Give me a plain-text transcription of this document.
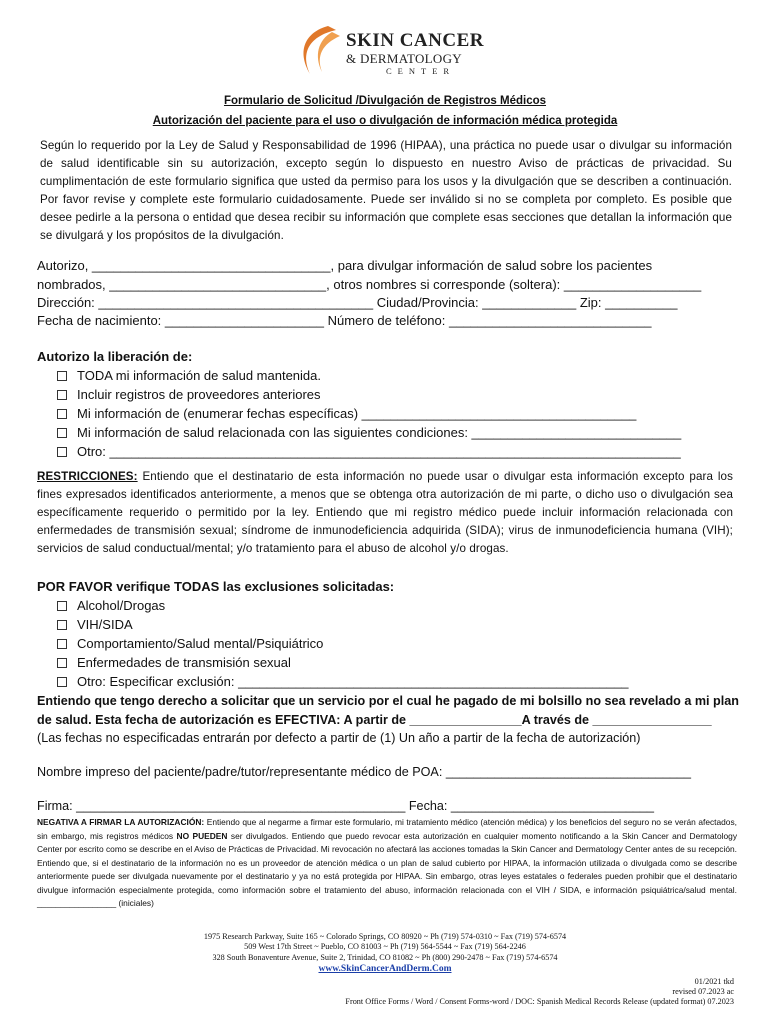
SKIN CANCER
& DERMATOLOGY
CENTER
Formulario de Solicitud /Divulgación de Registros Médicos
Autorización del paciente para el uso o divulgación de información médica protegida
Según lo requerido por la Ley de Salud y Responsabilidad de 1996 (HIPAA), una práctica no puede usar o divulgar su información de salud identificable sin su autorización, excepto según lo dispuesto en nuestro Aviso de prácticas de privacidad. Su cumplimentación de este formulario significa que usted da permiso para los usos y la divulgación que se describen a continuación. Por favor revise y complete este formulario cuidadosamente. Puede ser inválido si no se completa por completo. Es posible que desee pedirle a la persona o entidad que desea recibir su información que complete esas secciones que detallan la información que se divulgará y los propósitos de la divulgación.
Autorizo, _________________________________, para divulgar información de salud sobre los pacientes
nombrados, ______________________________, otros nombres si corresponde (soltera): ___________________
Dirección: ______________________________________ Ciudad/Provincia: _____________ Zip: __________
Fecha de nacimiento: ______________________ Número de teléfono: ____________________________
Autorizo la liberación de:
TODA mi información de salud mantenida.
Incluir registros de proveedores anteriores
Mi información de (enumerar fechas específicas) ______________________________________
Mi información de salud relacionada con las siguientes condiciones: _____________________________
Otro: _______________________________________________________________________________
RESTRICCIONES: Entiendo que el destinatario de esta información no puede usar o divulgar esta información excepto para los fines expresados identificados anteriormente, a menos que se obtenga otra autorización de mi parte, o dicho uso o divulgación sea específicamente requerido o permitido por la ley. Entiendo que mi registro médico puede incluir información relacionada con enfermedades de transmisión sexual; síndrome de inmunodeficiencia adquirida (SIDA); virus de inmunodeficiencia humana (VIH); servicios de salud conductual/mental; y/o tratamiento para el abuso de alcohol y/o drogas.
POR FAVOR verifique TODAS las exclusiones solicitadas:
Alcohol/Drogas
VIH/SIDA
Comportamiento/Salud mental/Psiquiátrico
Enfermedades de transmisión sexual
Otro: Especificar exclusión: ______________________________________________________
Entiendo que tengo derecho a solicitar que un servicio por el cual he pagado de mi bolsillo no sea revelado a mi plan
de salud. Esta fecha de autorización es EFECTIVA: A partir de ________________A través de _________________
(Las fechas no especificadas entrarán por defecto a partir de (1) Un año a partir de la fecha de autorización)
Nombre impreso del paciente/padre/tutor/representante médico de POA: ___________________________________
Firma: _______________________________________________ Fecha: _____________________________
NEGATIVA A FIRMAR LA AUTORIZACIÓN: Entiendo que al negarme a firmar este formulario, mi tratamiento médico (atención médica) y los beneficios del seguro no se verán afectados, sin embargo, mis registros médicos NO PUEDEN ser divulgados. Entiendo que puedo revocar esta autorización en cualquier momento notificando a la Skin Cancer and Dermatology Center por escrito como se describe en el Aviso de Prácticas de Privacidad. Mi revocación no afectará las acciones tomadas la Skin Cancer and Dermatology Center antes de su recepción. Entiendo que, si el destinatario de la información no es un proveedor de atención médica o un plan de salud cubierto por HIPAA, la información utilizada o divulgada como se describe anteriormente puede ser divulgada nuevamente por el destinatario y ya no está protegida por HIPAA. Sin embargo, otras leyes estatales o federales pueden prohibir que el destinatario divulgue información especialmente protegida, como información sobre el tratamiento del abuso, información relacionada con el VIH / SIDA, e información psiquiátrica/salud mental. _________________ (iniciales)
1975 Research Parkway, Suite 165 ~ Colorado Springs, CO 80920 ~ Ph (719) 574-0310 ~ Fax (719) 574-6574
509 West 17th Street ~ Pueblo, CO 81003 ~ Ph (719) 564-5544 ~ Fax (719) 564-2246
328 South Bonaventure Avenue, Suite 2, Trinidad, CO 81082 ~ Ph (800) 290-2478 ~ Fax (719) 574-6574
www.SkinCancerAndDerm.Com
01/2021 tkd
revised 07.2023 ac
Front Office Forms / Word / Consent Forms-word / DOC: Spanish Medical Records Release (updated format) 07.2023
